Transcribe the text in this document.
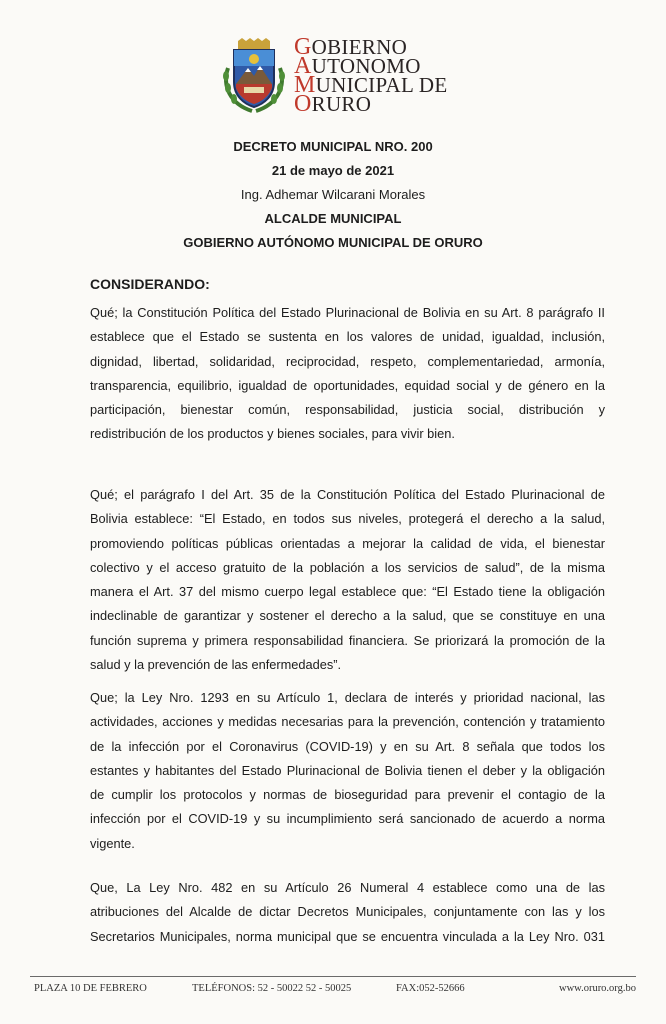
GOBIERNO
AUTONOMO
MUNICIPAL DE
ORURO
DECRETO MUNICIPAL NRO. 200
21 de mayo de 2021
Ing. Adhemar Wilcarani Morales
ALCALDE MUNICIPAL
GOBIERNO AUTÓNOMO MUNICIPAL DE ORURO
CONSIDERANDO:

Qué; la Constitución Política del Estado Plurinacional de Bolivia en su Art. 8 parágrafo II
establece que el Estado se sustenta en los valores de unidad, igualdad, inclusión,
dignidad, libertad, solidaridad, reciprocidad, respeto, complementariedad, armonía,
transparencia, equilibrio, igualdad de oportunidades, equidad social y de género en la
participación, bienestar común, responsabilidad, justicia social, distribución y
redistribución de los productos y bienes sociales, para vivir bien.

Qué; el parágrafo I del Art. 35 de la Constitución Política del Estado Plurinacional de
Bolivia establece: “El Estado, en todos sus niveles, protegerá el derecho a la salud,
promoviendo políticas públicas orientadas a mejorar la calidad de vida, el bienestar
colectivo y el acceso gratuito de la población a los servicios de salud”, de la misma
manera el Art. 37 del mismo cuerpo legal establece que: “El Estado tiene la obligación
indeclinable de garantizar y sostener el derecho a la salud, que se constituye en una
función suprema y primera responsabilidad financiera. Se priorizará la promoción de la
salud y la prevención de las enfermedades”.

Que; la Ley Nro. 1293 en su Artículo 1, declara de interés y prioridad nacional, las
actividades, acciones y medidas necesarias para la prevención, contención y tratamiento
de la infección por el Coronavirus (COVID-19) y en su Art. 8 señala que todos los
estantes y habitantes del Estado Plurinacional de Bolivia tienen el deber y la obligación
de cumplir los protocolos y normas de bioseguridad para prevenir el contagio de la
infección por el COVID-19 y su incumplimiento será sancionado de acuerdo a norma
vigente.

Que, La Ley Nro. 482 en su Artículo 26 Numeral 4 establece como una de las
atribuciones del Alcalde de dictar Decretos Municipales, conjuntamente con las y los
Secretarios Municipales, norma municipal que se encuentra vinculada a la Ley Nro. 031

PLAZA 10 DE FEBRERO	TELÉFONOS: 52 - 50022 52 - 50025	FAX:052-52666	www.oruro.org.bo
